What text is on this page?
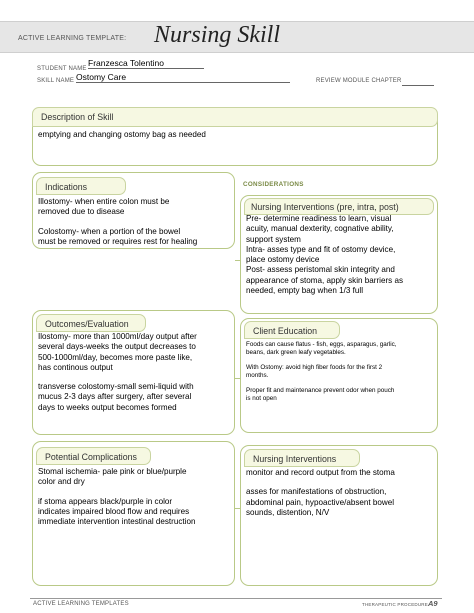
ACTIVE LEARNING TEMPLATE: Nursing Skill
STUDENT NAME
Franzesca Tolentino
SKILL NAME Ostomy Care	REVIEW MODULE CHAPTER
Description of Skill
emptying and changing ostomy bag as needed
CONSIDERATIONS
Indications

Illostomy- when entire colon must be

removed due to disease

Colostomy- when a portion of the bowel

must be removed or requires rest for healing

Nursing Interventions (pre, intra, post)

Pre- determine readiness to learn, visual

acuity, manual dexterity, cognative ability,

support system

Intra- asses type and fit of ostomy device,

place ostomy device

Post- assess peristomal skin integrity and

appearance of stoma, apply skin barriers as

needed, empty bag when 1/3 full

Outcomes/Evaluation

Ilostomy- more than 1000ml/day output after

several days-weeks the output decreases to

500-1000ml/day, becomes more paste like,

has continous output

transverse colostomy-small semi-liquid with

mucus 2-3 days after surgery, after several

days to weeks output becomes formed

Client Education

Foods can cause flatus - fish, eggs, asparagus, garlic,

beans, dark green leafy vegetables.

With Ostomy: avoid high fiber foods for the first 2

months.

Proper fit and maintenance prevent odor when pouch

is not open

Potential Complications

Stomal ischemia- pale pink or blue/purple

color and dry

if stoma appears black/purple in color

indicates impaired blood flow and requires

immediate intervention intestinal destruction

Nursing Interventions

monitor and record output from the stoma

asses for manifestations of obstruction,

abdominal pain, hypoactive/absent bowel

sounds, distention, N/V

ACTIVE LEARNING TEMPLATES	THERAPEUTIC PROCEDURE A9
